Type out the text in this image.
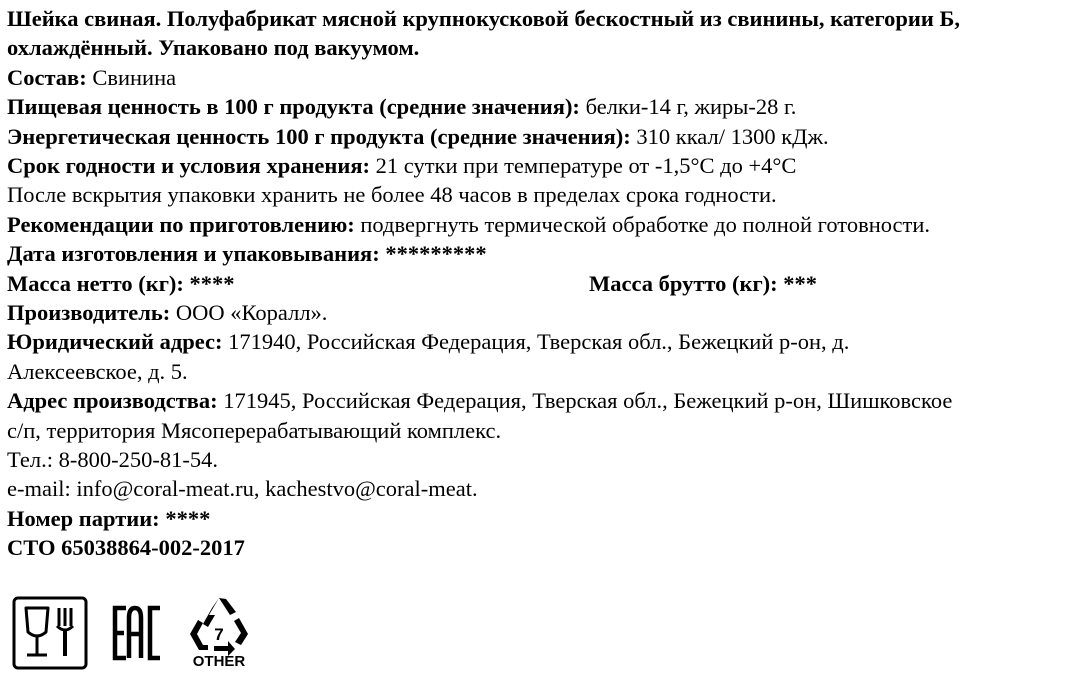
Шейка свиная. Полуфабрикат мясной крупнокусковой бескостный из свинины, категории Б, охлаждённый. Упаковано под вакуумом.
Состав: Свинина
Пищевая ценность в 100 г продукта (средние значения): белки-14 г, жиры-28 г.
Энергетическая ценность 100 г продукта (средние значения): 310 ккал/ 1300 кДж.
Срок годности и условия хранения: 21 сутки при температуре от -1,5°С до +4°С
После вскрытия упаковки хранить не более 48 часов в пределах срока годности.
Рекомендации по приготовлению: подвергнуть термической обработке до полной готовности.
Дата изготовления и упаковывания: *********
Масса нетто (кг): ****	Масса брутто (кг): ***
Производитель: ООО «Коралл».
Юридический адрес: 171940, Российская Федерация, Тверская обл., Бежецкий р-он, д. Алексеевское, д. 5.
Адрес производства: 171945, Российская Федерация, Тверская обл., Бежецкий р-он, Шишковское с/п, территория Мясоперерабатывающий комплекс.
Тел.: 8-800-250-81-54.
e-mail: info@coral-meat.ru, kachestvo@coral-meat.
Номер партии: ****
СТО 65038864-002-2017
7
OTHER
